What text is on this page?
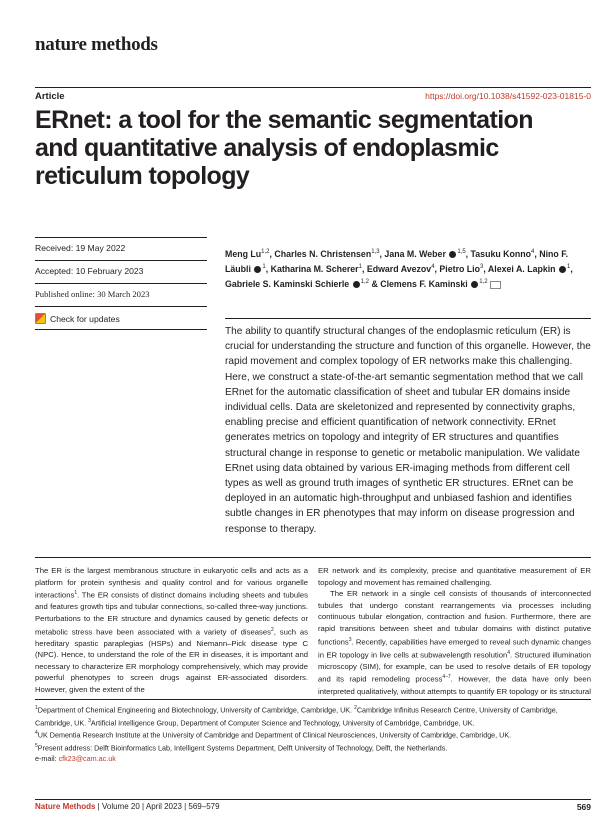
nature methods
Article	https://doi.org/10.1038/s41592-023-01815-0
ERnet: a tool for the semantic segmentation
and quantitative analysis of endoplasmic
reticulum topology
Received: 19 May 2022
Accepted: 10 February 2023
Published online: 30 March 2023
Check for updates
Meng Lu$^{1,2}$, Charles N. Christensen$^{1,3}$, Jana M. Weber $^{1,5}$, Tasuku Konno$^4$, Nino F. Läubli $^1$, Katharina M. Scherer$^1$, Edward Avezov$^4$, Pietro Lio$^3$, Alexei A. Lapkin $^1$, Gabriele S. Kaminski Schierle $^{1,2}$ & Clemens F. Kaminski $^{1,2}$

The ability to quantify structural changes of the endoplasmic reticulum (ER) is crucial for understanding the structure and function of this organelle. However, the rapid movement and complex topology of ER networks make this challenging. Here, we construct a state-of-the-art semantic segmentation method that we call ERnet for the automatic classification of sheet and tubular ER domains inside individual cells. Data are skeletonized and represented by connectivity graphs, enabling precise and efficient quantification of network connectivity. ERnet generates metrics on topology and integrity of ER structures and quantifies structural change in response to genetic or metabolic manipulation. We validate ERnet using data obtained by various ER-imaging methods from different cell types as well as ground truth images of synthetic ER structures. ERnet can be deployed in an automatic high-throughput and unbiased fashion and identifies subtle changes in ER phenotypes that may inform on disease progression and response to therapy.

The ER is the largest membranous structure in eukaryotic cells and acts as a platform for protein synthesis and quality control and for various organelle interactions$^1$. The ER consists of distinct domains including sheets and tubules and features growth tips and tubular connections, so-called three-way junctions. Perturbations to the ER structure and dynamics caused by genetic defects or metabolic stress have been associated with a variety of diseases$^2$, such as hereditary spastic paraplegias (HSPs) and Niemann–Pick disease type C (NPC). Hence, to understand the role of the ER in diseases, it is important and necessary to characterize ER morphology comprehensively, which may provide powerful phenotypes to screen drugs against ER-associated disorders. However, given the extent of the

ER network and its complexity, precise and quantitative measurement of ER topology and movement has remained challenging.

The ER network in a single cell consists of thousands of interconnected tubules that undergo constant rearrangements via processes including continuous tubular elongation, contraction and fusion. Furthermore, there are rapid transitions between sheet and tubular domains with distinct putative functions$^3$. Recently, capabilities have emerged to reveal such dynamic changes in ER topology in live cells at subwavelength resolution$^4$. Structured illumination microscopy (SIM), for example, can be used to resolve details of ER topology and its rapid remodeling process$^{4-7}$. However, the data have only been interpreted qualitatively, without attempts to quantify ER topology or its structural

$^1$Department of Chemical Engineering and Biotechnology, University of Cambridge, Cambridge, UK. $^2$Cambridge Infinitus Research Centre, University of Cambridge, Cambridge, UK. $^3$Artificial Intelligence Group, Department of Computer Science and Technology, University of Cambridge, Cambridge, UK.
$^4$UK Dementia Research Institute at the University of Cambridge and Department of Clinical Neurosciences, University of Cambridge, Cambridge, UK.
$^5$Present address: Delft Bioinformatics Lab, Intelligent Systems Department, Delft University of Technology, Delft, the Netherlands.
e-mail: cfk23@cam.ac.uk
Nature Methods | Volume 20 | April 2023 | 569–579	569
